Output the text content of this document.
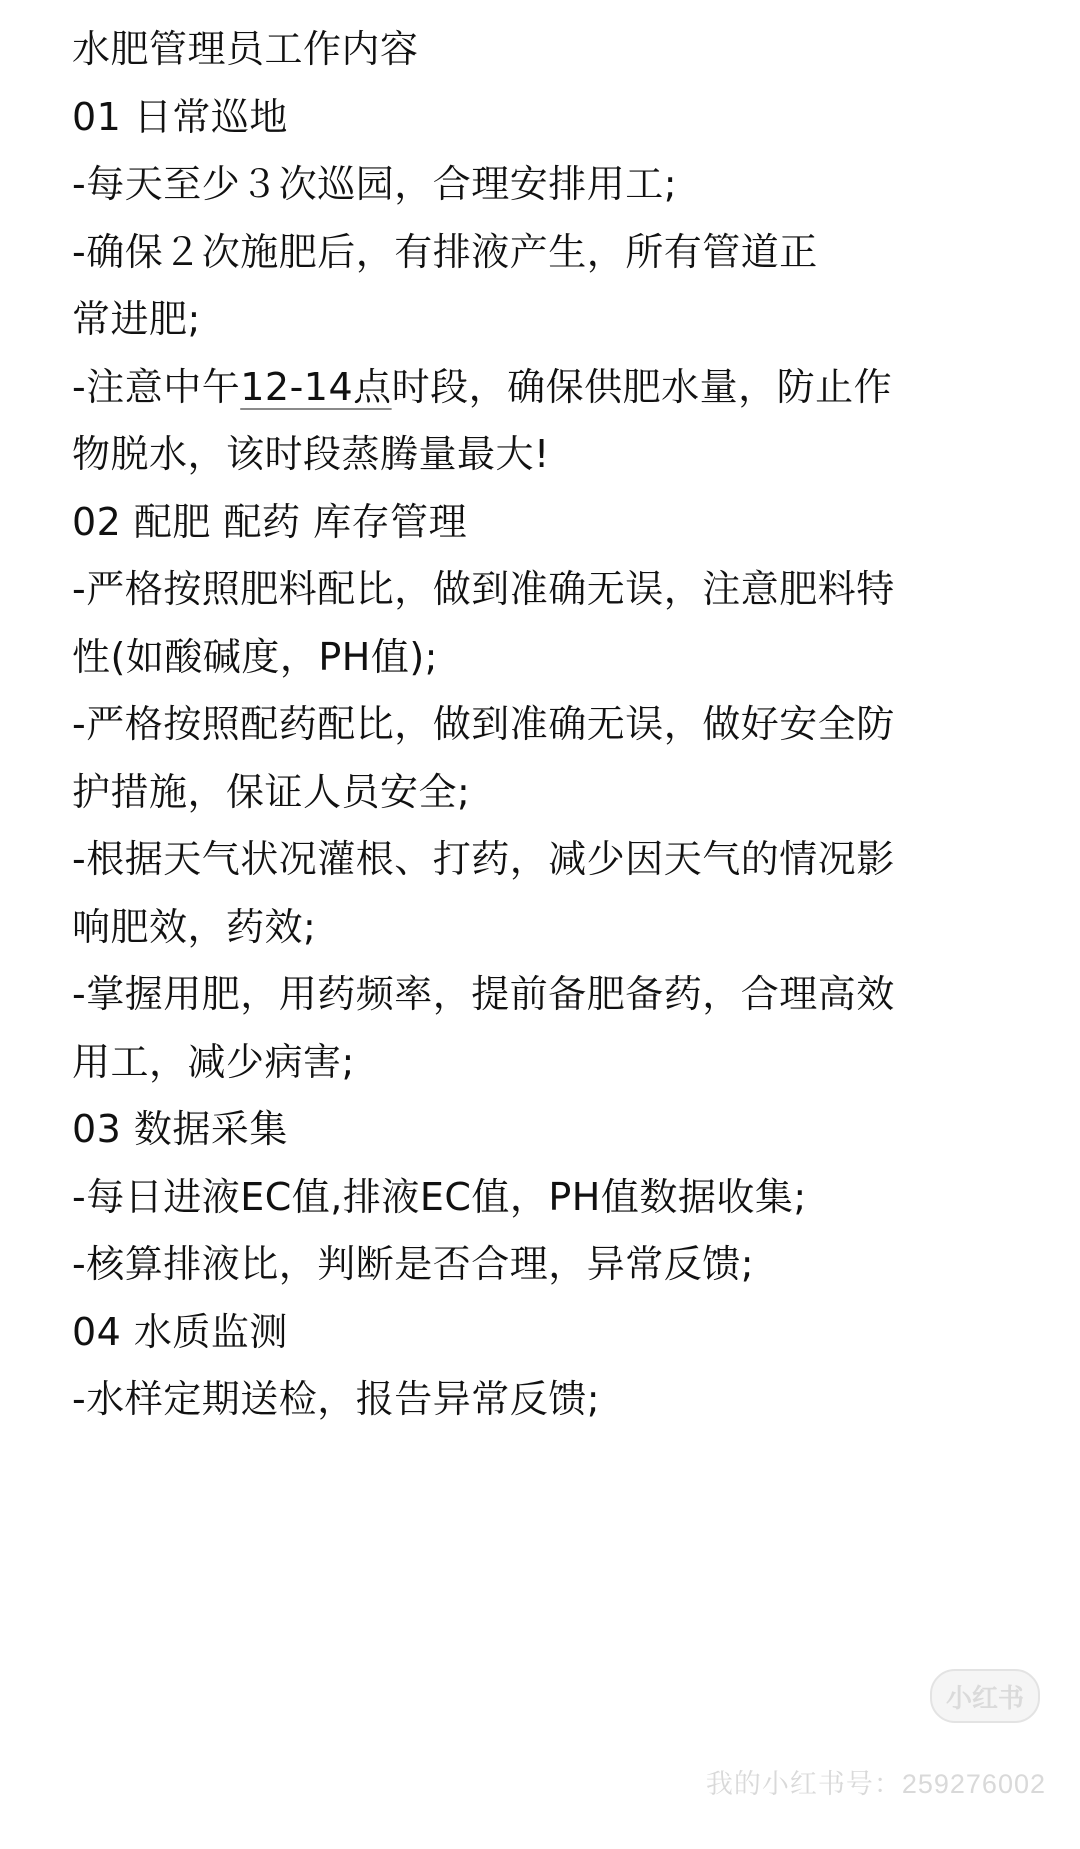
水肥管理员工作内容
01 日常巡地
-每天至少３次巡园，合理安排用工;
-确保２次施肥后，有排液产生，所有管道正
常进肥;
-注意中午12-14点时段，确保供肥水量，防止作
物脱水，该时段蒸腾量最大!
02 配肥 配药 库存管理
-严格按照肥料配比，做到准确无误，注意肥料特
性(如酸碱度，PH值);
-严格按照配药配比，做到准确无误，做好安全防
护措施，保证人员安全;
-根据天气状况灌根、打药，减少因天气的情况影
响肥效，药效;
-掌握用肥，用药频率，提前备肥备药，合理高效
用工，减少病害;
03 数据采集
-每日进液EC值,排液EC值，PH值数据收集;
-核算排液比，判断是否合理，异常反馈;
04 水质监测
-水样定期送检，报告异常反馈;
小红书
我的小红书号：259276002
